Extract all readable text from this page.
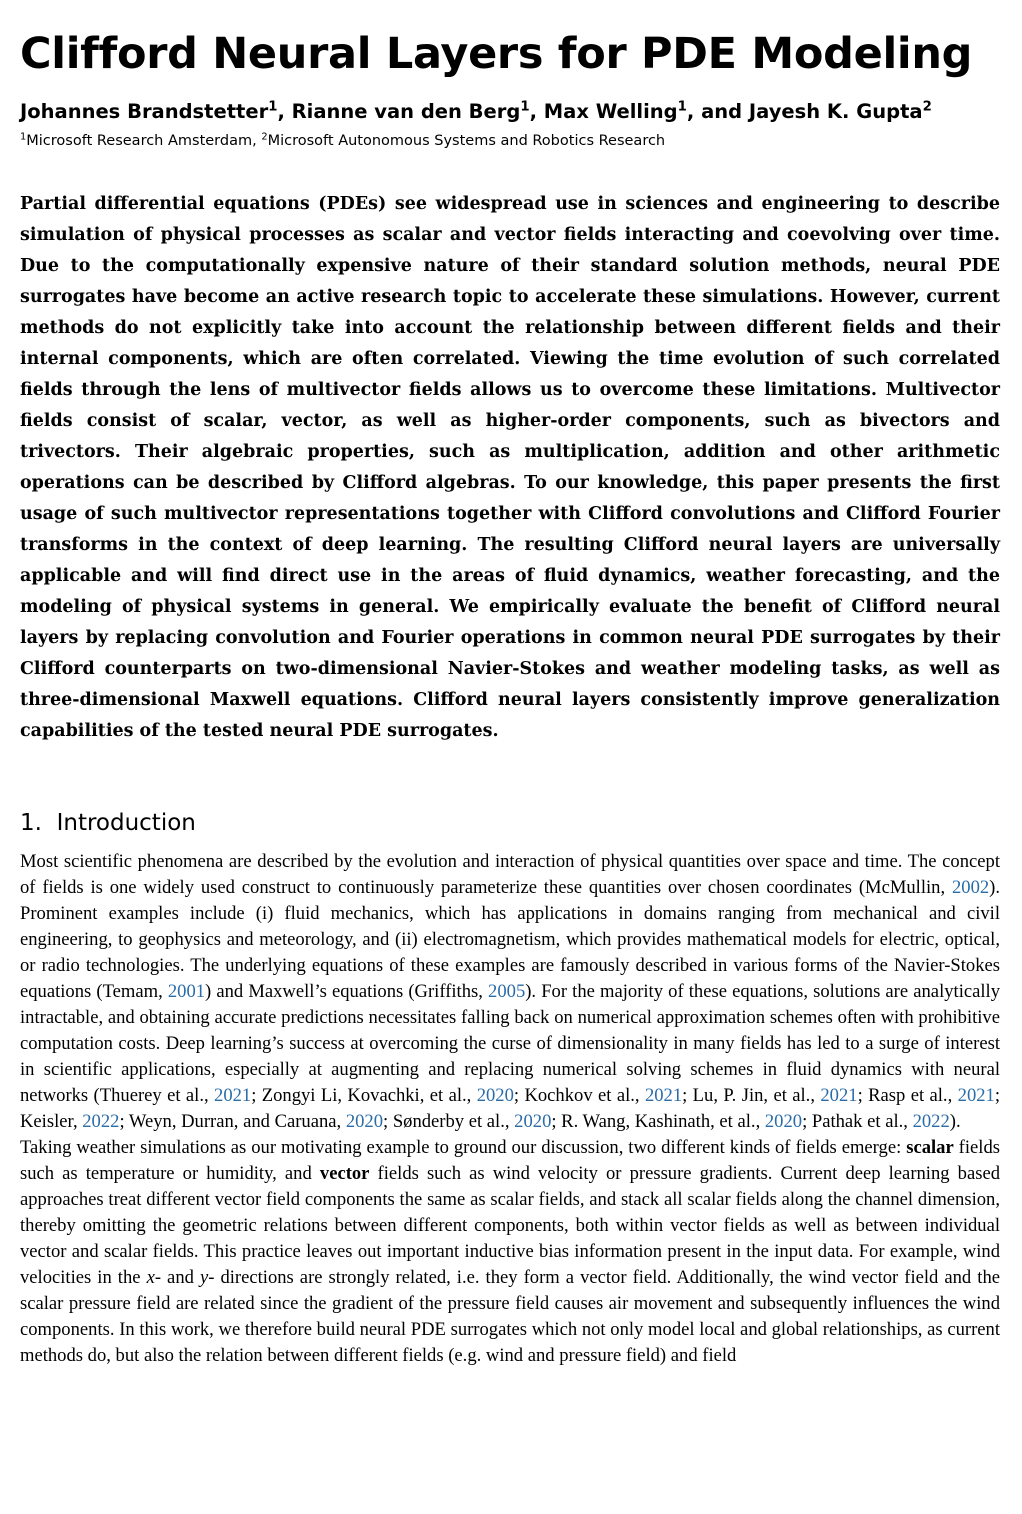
Clifford Neural Layers for PDE Modeling
Johannes Brandstetter$^1$, Rianne van den Berg$^1$, Max Welling$^1$, and Jayesh K. Gupta$^2$
$^1$Microsoft Research Amsterdam, $^2$Microsoft Autonomous Systems and Robotics Research

Partial differential equations (PDEs) see widespread use in sciences and engineering to describe simulation of physical processes as scalar and vector fields interacting and coevolving over time. Due to the computationally expensive nature of their standard solution methods, neural PDE surrogates have become an active research topic to accelerate these simulations. However, current methods do not explicitly take into account the relationship between different fields and their internal components, which are often correlated. Viewing the time evolution of such correlated fields through the lens of multivector fields allows us to overcome these limitations. Multivector fields consist of scalar, vector, as well as higher-order components, such as bivectors and trivectors. Their algebraic properties, such as multiplication, addition and other arithmetic operations can be described by Clifford algebras. To our knowledge, this paper presents the first usage of such multivector representations together with Clifford convolutions and Clifford Fourier transforms in the context of deep learning. The resulting Clifford neural layers are universally applicable and will find direct use in the areas of fluid dynamics, weather forecasting, and the modeling of physical systems in general. We empirically evaluate the benefit of Clifford neural layers by replacing convolution and Fourier operations in common neural PDE surrogates by their Clifford counterparts on two-dimensional Navier-Stokes and weather modeling tasks, as well as three-dimensional Maxwell equations. Clifford neural layers consistently improve generalization capabilities of the tested neural PDE surrogates.

1. Introduction

Most scientific phenomena are described by the evolution and interaction of physical quantities over space and time. The concept of fields is one widely used construct to continuously parameterize these quantities over chosen coordinates (McMullin, 2002). Prominent examples include (i) fluid mechanics, which has applications in domains ranging from mechanical and civil engineering, to geophysics and meteorology, and (ii) electromagnetism, which provides mathematical models for electric, optical, or radio technologies. The underlying equations of these examples are famously described in various forms of the Navier-Stokes equations (Temam, 2001) and Maxwell’s equations (Griffiths, 2005). For the majority of these equations, solutions are analytically intractable, and obtaining accurate predictions necessitates falling back on numerical approximation schemes often with prohibitive computation costs. Deep learning’s success at overcoming the curse of dimensionality in many fields has led to a surge of interest in scientific applications, especially at augmenting and replacing numerical solving schemes in fluid dynamics with neural networks (Thuerey et al., 2021; Zongyi Li, Kovachki, et al., 2020; Kochkov et al., 2021; Lu, P. Jin, et al., 2021; Rasp et al., 2021; Keisler, 2022; Weyn, Durran, and Caruana, 2020; Sønderby et al., 2020; R. Wang, Kashinath, et al., 2020; Pathak et al., 2022).

Taking weather simulations as our motivating example to ground our discussion, two different kinds of fields emerge: scalar fields such as temperature or humidity, and vector fields such as wind velocity or pressure gradients. Current deep learning based approaches treat different vector field components the same as scalar fields, and stack all scalar fields along the channel dimension, thereby omitting the geometric relations between different components, both within vector fields as well as between individual vector and scalar fields. This practice leaves out important inductive bias information present in the input data. For example, wind velocities in the x- and y- directions are strongly related, i.e. they form a vector field. Additionally, the wind vector field and the scalar pressure field are related since the gradient of the pressure field causes air movement and subsequently influences the wind components. In this work, we therefore build neural PDE surrogates which not only model local and global relationships, as current methods do, but also the relation between different fields (e.g. wind and pressure field) and field
